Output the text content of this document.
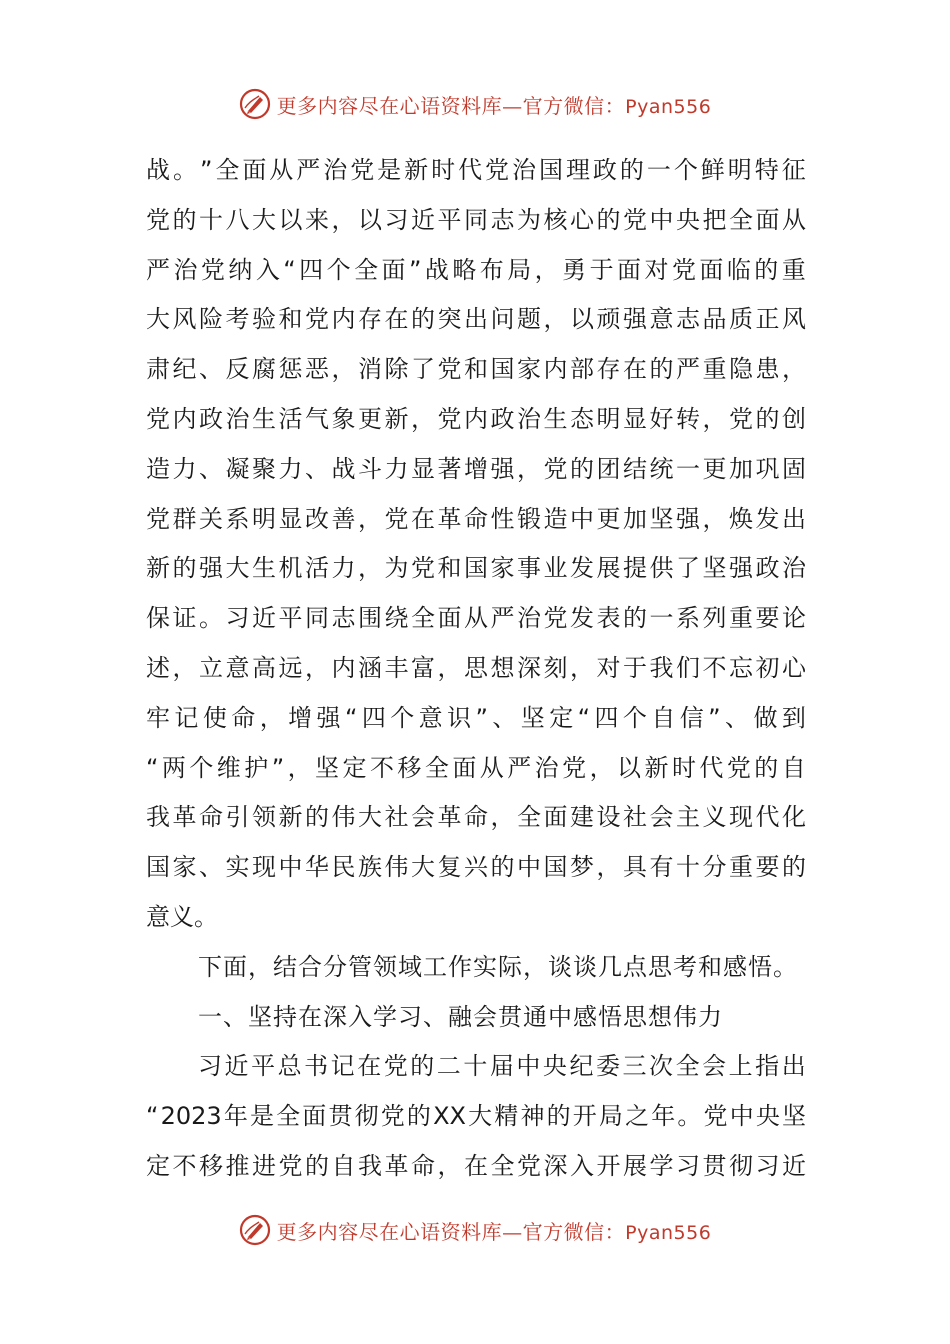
更多内容尽在心语资料库—官方微信：Pyan556
战 。 ” 全 面 从 严 治 党 是 新 时 代 党 治 国 理 政 的 一 个 鲜 明 特 征
党 的 十 八 大 以 来 ， 以 习 近 平 同 志 为 核 心 的 党 中 央 把 全 面 从
严 治 党 纳 入 “ 四 个 全 面 ” 战 略 布 局 ， 勇 于 面 对 党 面 临 的 重
大 风 险 考 验 和 党 内 存 在 的 突 出 问 题 ， 以 顽 强 意 志 品 质 正 风
肃 纪 、 反 腐 惩 恶 ， 消 除 了 党 和 国 家 内 部 存 在 的 严 重 隐 患 ，
党 内 政 治 生 活 气 象 更 新 ， 党 内 政 治 生 态 明 显 好 转 ， 党 的 创
造 力 、 凝 聚 力 、 战 斗 力 显 著 增 强 ， 党 的 团 结 统 一 更 加 巩 固
党 群 关 系 明 显 改 善 ， 党 在 革 命 性 锻 造 中 更 加 坚 强 ， 焕 发 出
新 的 强 大 生 机 活 力 ， 为 党 和 国 家 事 业 发 展 提 供 了 坚 强 政 治
保 证 。 习 近 平 同 志 围 绕 全 面 从 严 治 党 发 表 的 一 系 列 重 要 论
述 ， 立 意 高 远 ， 内 涵 丰 富 ， 思 想 深 刻 ， 对 于 我 们 不 忘 初 心
牢 记 使 命 ， 增 强 “ 四 个 意 识 ” 、 坚 定 “ 四 个 自 信 ” 、 做 到
“ 两 个 维 护 ” ， 坚 定 不 移 全 面 从 严 治 党 ， 以 新 时 代 党 的 自
我 革 命 引 领 新 的 伟 大 社 会 革 命 ， 全 面 建 设 社 会 主 义 现 代 化
国 家 、 实 现 中 华 民 族 伟 大 复 兴 的 中 国 梦 ， 具 有 十 分 重 要 的
意义。
下面，结合分管领域工作实际，谈谈几点思考和感悟。
一、坚持在深入学习、融会贯通中感悟思想伟力
习 近 平 总 书 记 在 党 的 二 十 届 中 央 纪 委 三 次 全 会 上 指 出
“ 2023 年 是 全 面 贯 彻 党 的 XX 大 精 神 的 开 局 之 年 。 党 中 央 坚
定 不 移 推 进 党 的 自 我 革 命 ， 在 全 党 深 入 开 展 学 习 贯 彻 习 近
更多内容尽在心语资料库—官方微信：Pyan556
